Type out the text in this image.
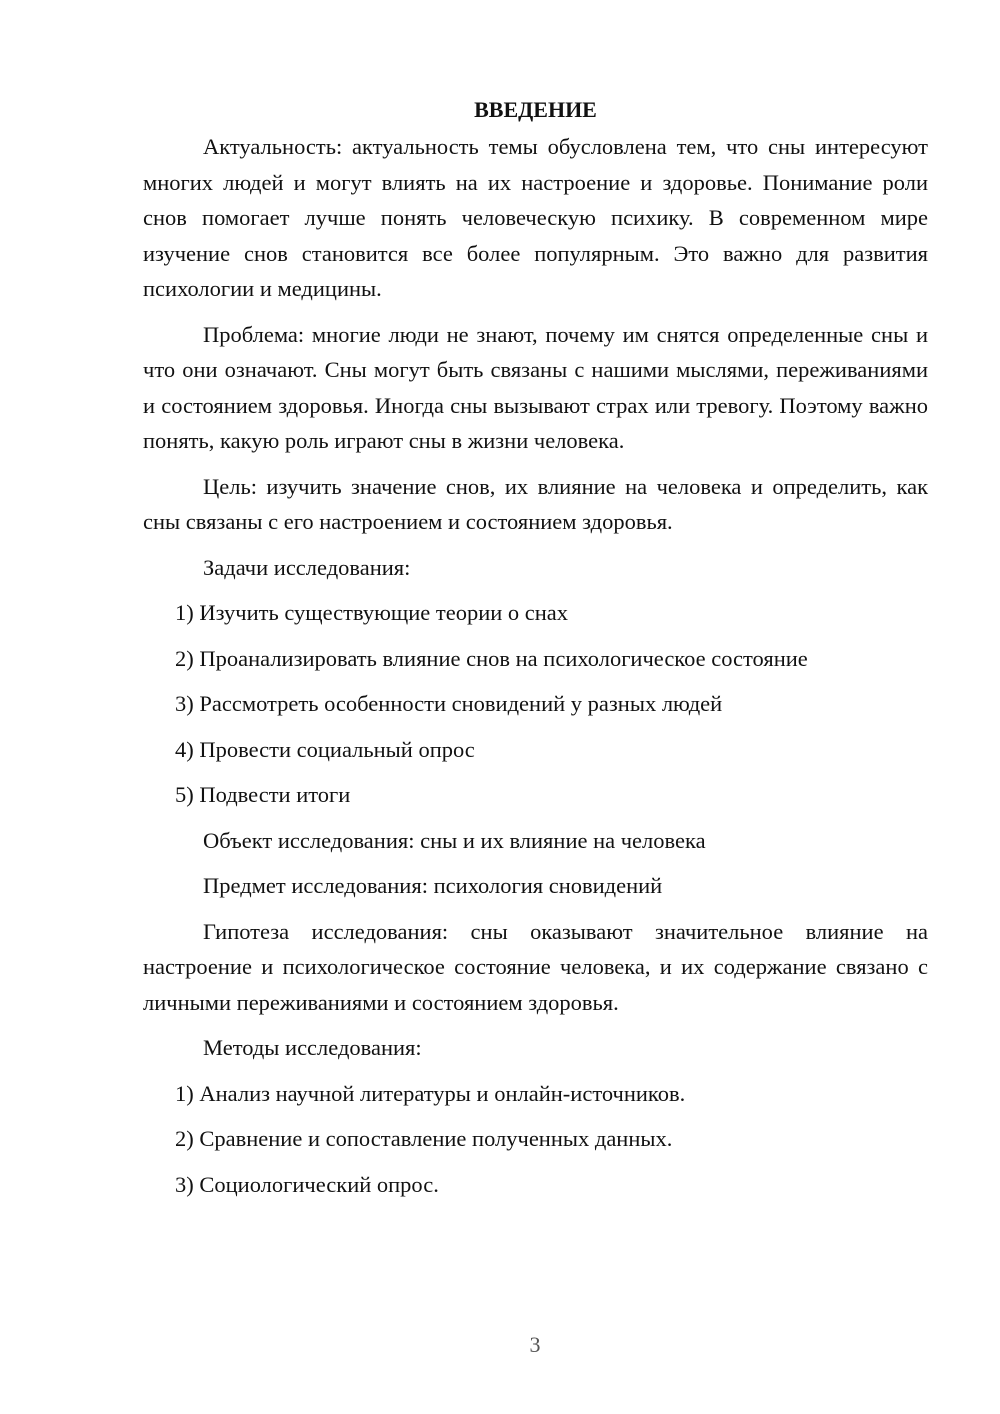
ВВЕДЕНИЕ

Актуальность: актуальность темы обусловлена тем, что сны интересуют многих людей и могут влиять на их настроение и здоровье. Понимание роли снов помогает лучше понять человеческую психику. В современном мире изучение снов становится все более популярным. Это важно для развития психологии и медицины.

Проблема: многие люди не знают, почему им снятся определенные сны и что они означают. Сны могут быть связаны с нашими мыслями, переживаниями и состоянием здоровья. Иногда сны вызывают страх или тревогу. Поэтому важно понять, какую роль играют сны в жизни человека.

Цель: изучить значение снов, их влияние на человека и определить, как сны связаны с его настроением и состоянием здоровья.

Задачи исследования:
1) Изучить существующие теории о снах
2) Проанализировать влияние снов на психологическое состояние
3) Рассмотреть особенности сновидений у разных людей
4) Провести социальный опрос
5) Подвести итоги
Объект исследования: сны и их влияние на человека
Предмет исследования: психология сновидений

Гипотеза исследования: сны оказывают значительное влияние на настроение и психологическое состояние человека, и их содержание связано с личными переживаниями и состоянием здоровья.

Методы исследования:
1) Анализ научной литературы и онлайн-источников.
2) Сравнение и сопоставление полученных данных.
3) Социологический опрос.
3
